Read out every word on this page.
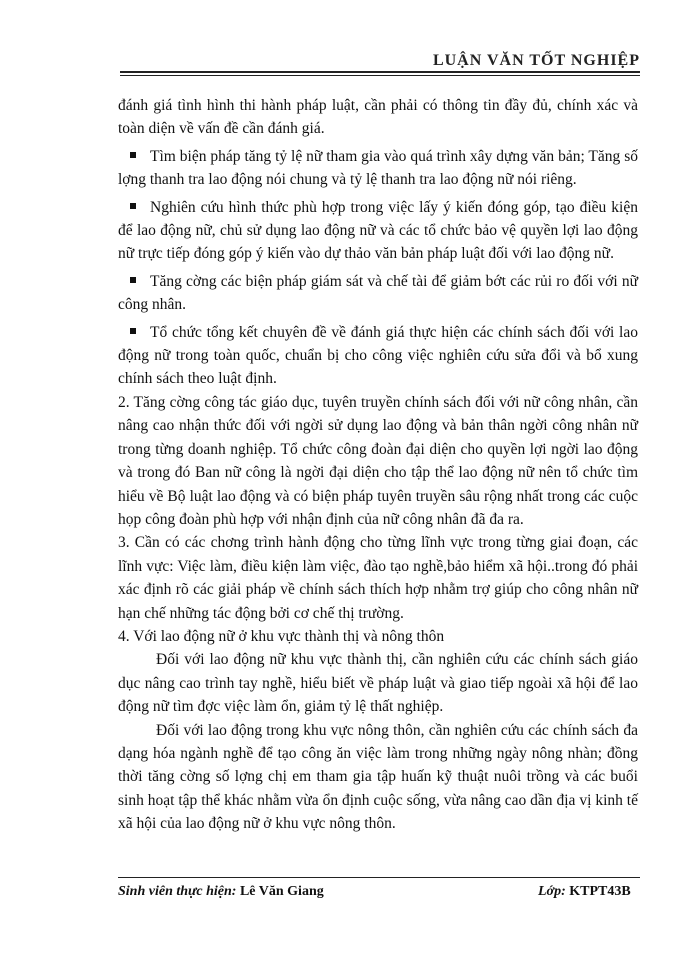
LUẬN VĂN TỐT NGHIỆP

đánh giá tình hình thi hành pháp luật, cần phải có thông tin đầy đủ, chính xác và toàn diện về vấn đề cần đánh giá.

Tìm biện pháp tăng tỷ lệ nữ tham gia vào quá trình xây dựng văn bản; Tăng số lợng thanh tra lao động nói chung và tỷ lệ thanh tra lao động nữ nói riêng.

Nghiên cứu hình thức phù hợp trong việc lấy ý kiến đóng góp, tạo điều kiện để lao động nữ, chủ sử dụng lao động nữ và các tổ chức bảo vệ quyền lợi lao động nữ trực tiếp đóng góp ý kiến vào dự thảo văn bản pháp luật đối với lao động nữ.

Tăng cờng các biện pháp giám sát và chế tài để giảm bớt các rủi ro đối với nữ công nhân.

Tổ chức tổng kết chuyên đề về đánh giá thực hiện các chính sách đối với lao động nữ trong toàn quốc, chuẩn bị cho công việc nghiên cứu sửa đổi và bổ xung chính sách theo luật định.

2. Tăng cờng công tác giáo dục, tuyên truyền chính sách đối với nữ công nhân, cần nâng cao nhận thức đối với ngời sử dụng lao động và bản thân ngời công nhân nữ trong từng doanh nghiệp. Tổ chức công đoàn đại diện cho quyền lợi ngời lao động và trong đó Ban nữ công là ngời đại diện cho tập thể lao động nữ nên tổ chức tìm hiểu về Bộ luật lao động và có biện pháp tuyên truyền sâu rộng nhất trong các cuộc họp công đoàn phù hợp với nhận định của nữ công nhân đã đa ra.

3. Cần có các chơng trình hành động cho từng lĩnh vực trong từng giai đoạn, các lĩnh vực: Việc làm, điều kiện làm việc, đào tạo nghề,bảo hiểm xã hội..trong đó phải xác định rõ các giải pháp về chính sách thích hợp nhằm trợ giúp cho công nhân nữ hạn chế những tác động bởi cơ chế thị trường.

4. Với lao động nữ ở khu vực thành thị và nông thôn

Đối với lao động nữ khu vực thành thị, cần nghiên cứu các chính sách giáo dục nâng cao trình tay nghề, hiểu biết về pháp luật và giao tiếp ngoài xã hội để lao động nữ tìm đợc việc làm ổn, giảm tỷ lệ thất nghiệp.

Đối với lao động trong khu vực nông thôn, cần nghiên cứu các chính sách đa dạng hóa ngành nghề để tạo công ăn việc làm trong những ngày nông nhàn; đồng thời tăng cờng số lợng chị em tham gia tập huấn kỹ thuật nuôi trồng và các buổi sinh hoạt tập thể khác nhằm vừa ổn định cuộc sống, vừa nâng cao dần địa vị kinh tế xã hội của lao động nữ ở khu vực nông thôn.

Sinh viên thực hiện: Lê Văn Giang	Lớp: KTPT43B
